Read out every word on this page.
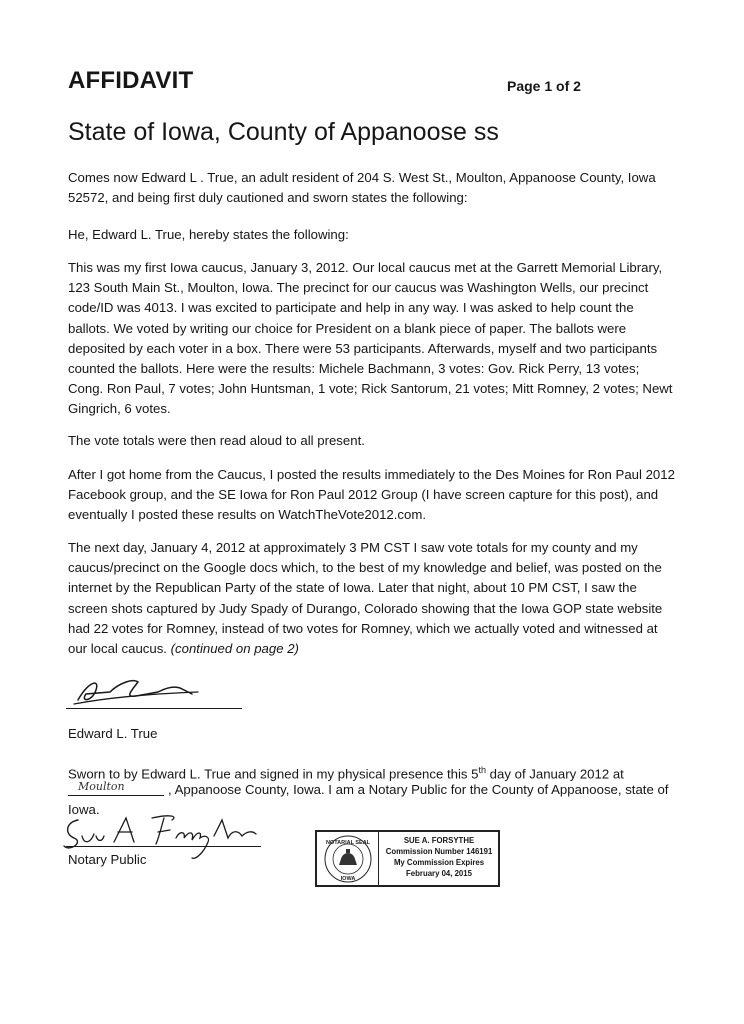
AFFIDAVIT	Page 1 of 2
State of Iowa, County of Appanoose ss
Comes now Edward L . True, an adult resident of 204 S. West St., Moulton, Appanoose County, Iowa 52572, and being first duly cautioned and sworn states the following:
He, Edward L. True, hereby states the following:
This was my first Iowa caucus, January 3, 2012. Our local caucus met at the Garrett Memorial Library, 123 South Main St., Moulton, Iowa. The precinct for our caucus was Washington Wells, our precinct code/ID was 4013. I was excited to participate and help in any way. I was asked to help count the ballots. We voted by writing our choice for President on a blank piece of paper. The ballots were deposited by each voter in a box. There were 53 participants. Afterwards, myself and two participants counted the ballots. Here were the results: Michele Bachmann, 3 votes: Gov. Rick Perry, 13 votes; Cong. Ron Paul, 7 votes; John Huntsman, 1 vote; Rick Santorum, 21 votes; Mitt Romney, 2 votes; Newt Gingrich, 6 votes.
The vote totals were then read aloud to all present.
After I got home from the Caucus, I posted the results immediately to the Des Moines for Ron Paul 2012 Facebook group, and the SE Iowa for Ron Paul 2012 Group (I have screen capture for this post), and eventually I posted these results on WatchTheVote2012.com.
The next day, January 4, 2012 at approximately 3 PM CST I saw vote totals for my county and my caucus/precinct on the Google docs which, to the best of my knowledge and belief, was posted on the internet by the Republican Party of the state of Iowa. Later that night, about 10 PM CST, I saw the screen shots captured by Judy Spady of Durango, Colorado showing that the Iowa GOP state website had 22 votes for Romney, instead of two votes for Romney, which we actually voted and witnessed at our local caucus. (continued on page 2)
Edward L. True
Sworn to by Edward L. True and signed in my physical presence this 5th day of January 2012 at
Moulton	, Appanoose County, Iowa. I am a Notary Public for the County of Appanoose, state of
Iowa.
Notary Public
NOTARIAL SEAL
IOWA
SUE A. FORSYTHE
Commission Number 146191
My Commission Expires
February 04, 2015
